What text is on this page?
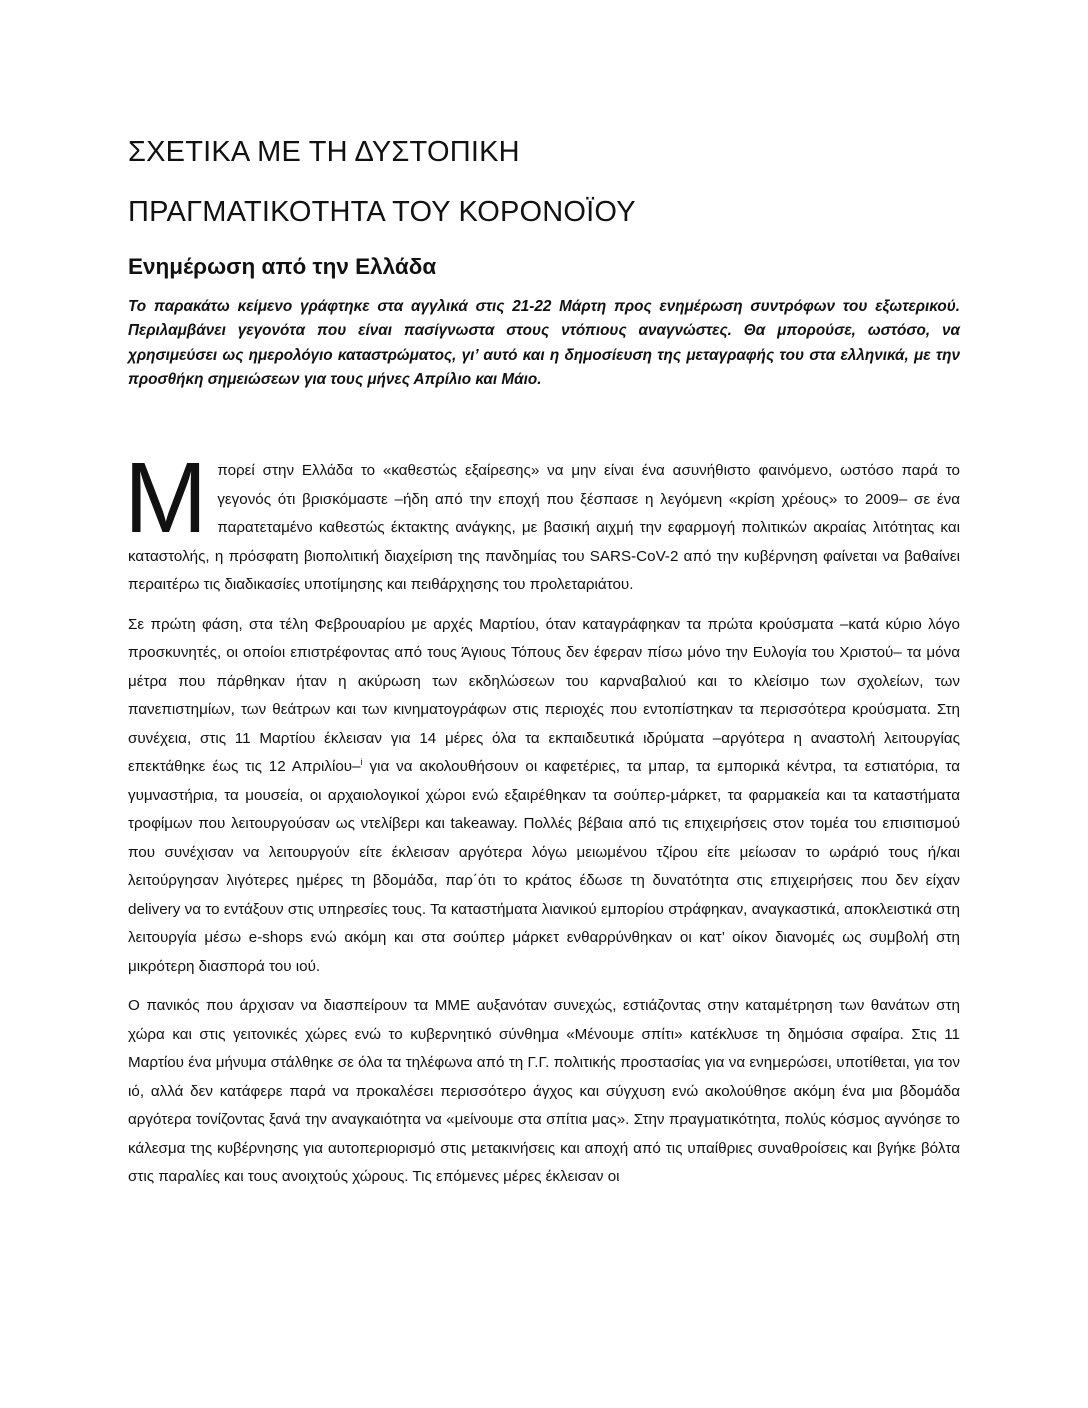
ΣΧΕΤΙΚΑ ΜΕ ΤΗ ΔΥΣΤΟΠΙΚΗ
ΠΡΑΓΜΑΤΙΚΟΤΗΤΑ ΤΟΥ ΚΟΡΟΝΟΪΟΥ
Ενημέρωση από την Ελλάδα
Το παρακάτω κείμενο γράφτηκε στα αγγλικά στις 21-22 Μάρτη προς ενημέρωση συντρόφων του εξωτερικού. Περιλαμβάνει γεγονότα που είναι πασίγνωστα στους ντόπιους αναγνώστες. Θα μπορούσε, ωστόσο, να χρησιμεύσει ως ημερολόγιο καταστρώματος, γι’ αυτό και η δημοσίευση της μεταγραφής του στα ελληνικά, με την προσθήκη σημειώσεων για τους μήνες Απρίλιο και Μάιο.

Μπορεί στην Ελλάδα το «καθεστώς εξαίρεσης» να μην είναι ένα ασυνήθιστο φαινόμενο, ωστόσο παρά το γεγονός ότι βρισκόμαστε –ήδη από την εποχή που ξέσπασε η λεγόμενη «κρίση χρέους» το 2009– σε ένα παρατεταμένο καθεστώς έκτακτης ανάγκης, με βασική αιχμή την εφαρμογή πολιτικών ακραίας λιτότητας και καταστολής, η πρόσφατη βιοπολιτική διαχείριση της πανδημίας του SARS-CoV-2 από την κυβέρνηση φαίνεται να βαθαίνει περαιτέρω τις διαδικασίες υποτίμησης και πειθάρχησης του προλεταριάτου.

Σε πρώτη φάση, στα τέλη Φεβρουαρίου με αρχές Μαρτίου, όταν καταγράφηκαν τα πρώτα κρούσματα –κατά κύριο λόγο προσκυνητές, οι οποίοι επιστρέφοντας από τους Άγιους Τόπους δεν έφεραν πίσω μόνο την Ευλογία του Χριστού– τα μόνα μέτρα που πάρθηκαν ήταν η ακύρωση των εκδηλώσεων του καρναβαλιού και το κλείσιμο των σχολείων, των πανεπιστημίων, των θεάτρων και των κινηματογράφων στις περιοχές που εντοπίστηκαν τα περισσότερα κρούσματα. Στη συνέχεια, στις 11 Μαρτίου έκλεισαν για 14 μέρες όλα τα εκπαιδευτικά ιδρύματα –αργότερα η αναστολή λειτουργίας επεκτάθηκε έως τις 12 Απριλίου–$^i$ για να ακολουθήσουν οι καφετέριες, τα μπαρ, τα εμπορικά κέντρα, τα εστιατόρια, τα γυμναστήρια, τα μουσεία, οι αρχαιολογικοί χώροι ενώ εξαιρέθηκαν τα σούπερ-μάρκετ, τα φαρμακεία και τα καταστήματα τροφίμων που λειτουργούσαν ως ντελίβερι και takeaway. Πολλές βέβαια από τις επιχειρήσεις στον τομέα του επισιτισμού που συνέχισαν να λειτουργούν είτε έκλεισαν αργότερα λόγω μειωμένου τζίρου είτε μείωσαν το ωράριό τους ή/και λειτούργησαν λιγότερες ημέρες τη βδομάδα, παρ΄ότι το κράτος έδωσε τη δυνατότητα στις επιχειρήσεις που δεν είχαν delivery να το εντάξουν στις υπηρεσίες τους. Τα καταστήματα λιανικού εμπορίου στράφηκαν, αναγκαστικά, αποκλειστικά στη λειτουργία μέσω e-shops ενώ ακόμη και στα σούπερ μάρκετ ενθαρρύνθηκαν οι κατ’ οίκον διανομές ως συμβολή στη μικρότερη διασπορά του ιού.

Ο πανικός που άρχισαν να διασπείρουν τα ΜΜΕ αυξανόταν συνεχώς, εστιάζοντας στην καταμέτρηση των θανάτων στη χώρα και στις γειτονικές χώρες ενώ το κυβερνητικό σύνθημα «Μένουμε σπίτι» κατέκλυσε τη δημόσια σφαίρα. Στις 11 Μαρτίου ένα μήνυμα στάλθηκε σε όλα τα τηλέφωνα από τη Γ.Γ. πολιτικής προστασίας για να ενημερώσει, υποτίθεται, για τον ιό, αλλά δεν κατάφερε παρά να προκαλέσει περισσότερο άγχος και σύγχυση ενώ ακολούθησε ακόμη ένα μια βδομάδα αργότερα τονίζοντας ξανά την αναγκαιότητα να «μείνουμε στα σπίτια μας». Στην πραγματικότητα, πολύς κόσμος αγνόησε το κάλεσμα της κυβέρνησης για αυτοπεριορισμό στις μετακινήσεις και αποχή από τις υπαίθριες συναθροίσεις και βγήκε βόλτα στις παραλίες και τους ανοιχτούς χώρους. Τις επόμενες μέρες έκλεισαν οι
